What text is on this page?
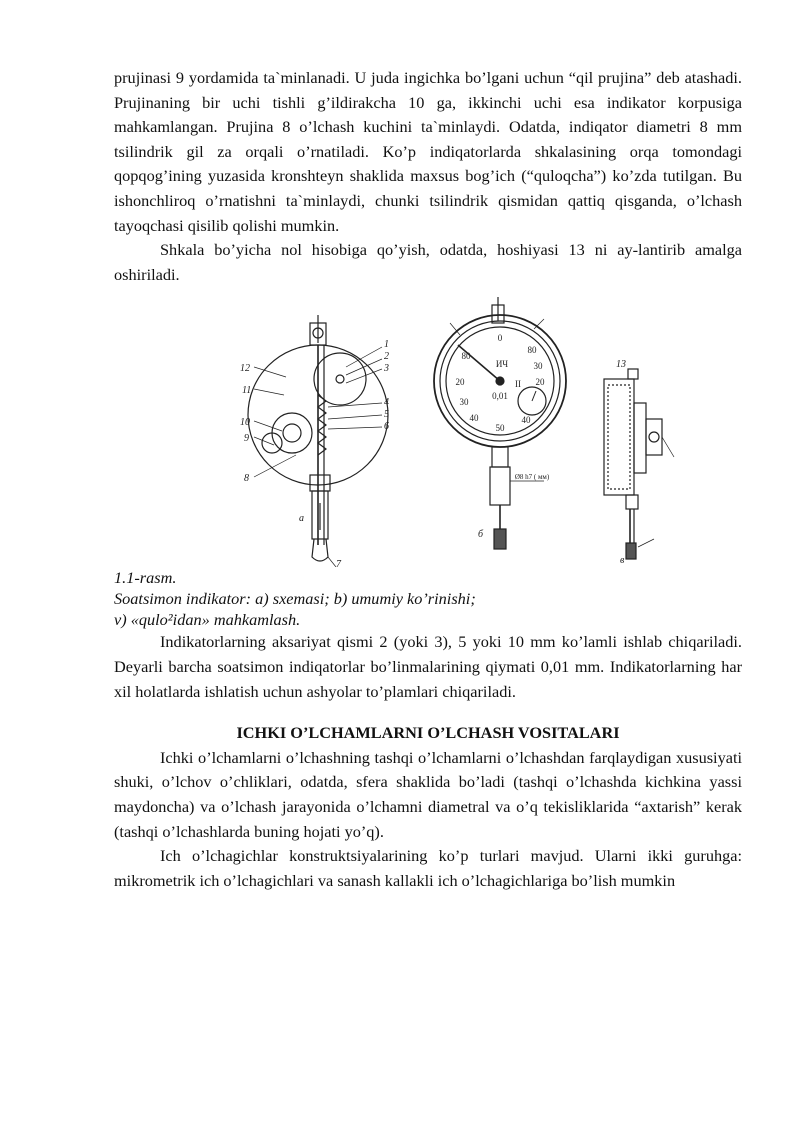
prujinasi 9 yordamida ta`minlanadi. U juda ingichka bo’lgani uchun “qil prujina” deb atashadi. Prujinaning bir uchi tishli g’ildirakcha 10 ga, ikkinchi uchi esa indikator korpusiga mahkamlangan. Prujina 8 o’lchash kuchini ta`minlaydi. Odatda, indiqator diametri 8 mm tsilindrik gil za orqali o’rnatiladi. Ko’p indiqatorlarda shkalasining orqa tomondagi qopqog’ining yuzasida kronshteyn shaklida maxsus bog’ich (“quloqcha”) ko’zda tutilgan. Bu ishonchliroq o’rnatishni ta`minlaydi, chunki tsilindrik qismidan qattiq qisganda, o’lchash tayoqchasi qisilib qolishi mumkin.

Shkala bo’yicha nol hisobiga qo’yish, odatda, hoshiyasi 13 ni ay-lantirib amalga oshiriladi.

a
б
в
1
2
3
4
5
6
7
8
9
10
11
12	13
0
20	20
50
30
30
40	40
80
80
ИЧ
0,01
II
Ø8 h7 ( мм)

1.1-rasm.

Soatsimon indikator: a) sxemasi; b) umumiy ko’rinishi;

v) «qulo²idan» mahkamlash.

Indikatorlarning aksariyat qismi 2 (yoki 3), 5 yoki 10 mm ko’lamli ishlab chiqariladi. Deyarli barcha soatsimon indiqatorlar bo’linmalarining qiymati 0,01 mm. Indikatorlarning har xil holatlarda ishlatish uchun ashyolar to’plamlari chiqariladi.

ICHKI O’LCHAMLARNI O’LCHASH VOSITALARI

Ichki o’lchamlarni o’lchashning tashqi o’lchamlarni o’lchashdan farqlaydigan xususiyati shuki, o’lchov o’chliklari, odatda, sfera shaklida bo’ladi (tashqi o’lchashda kichkina yassi maydoncha) va o’lchash jarayonida o’lchamni diametral va o’q tekisliklarida “axtarish” kerak (tashqi o’lchashlarda buning hojati yo’q).

Ich o’lchagichlar konstruktsiyalarining ko’p turlari mavjud. Ularni ikki guruhga: mikrometrik ich o’lchagichlari va sanash kallakli ich o’lchagichlariga bo’lish mumkin
